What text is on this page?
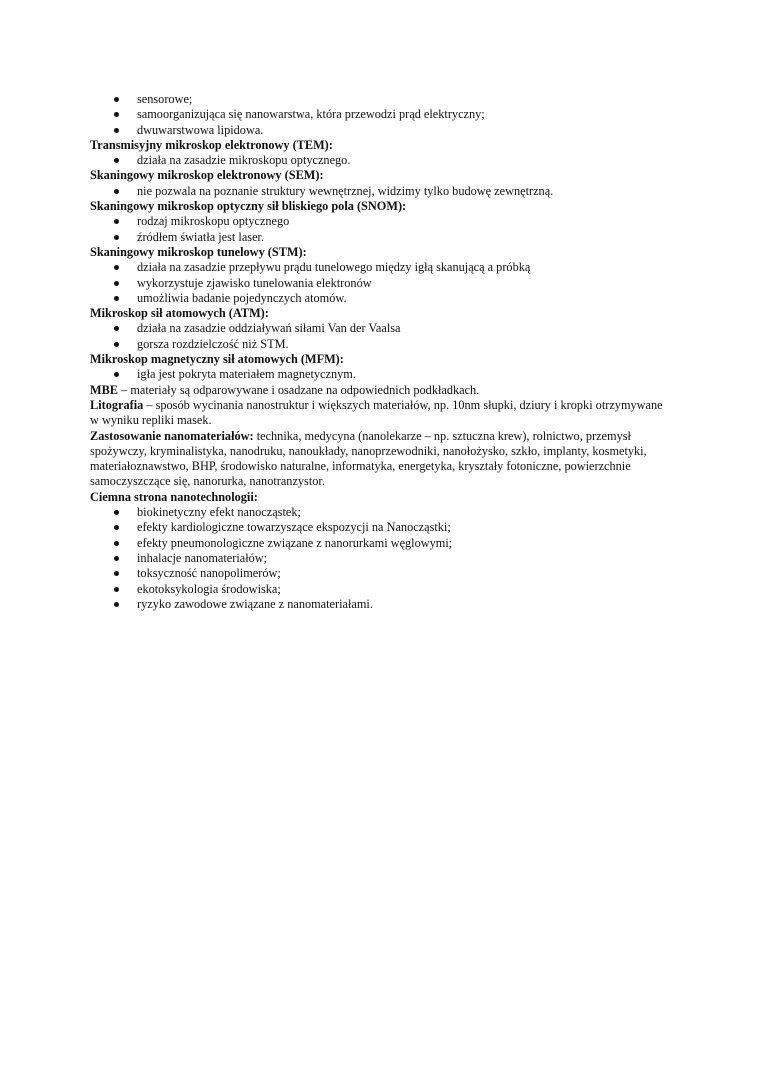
sensorowe;
samoorganizująca się nanowarstwa, która przewodzi prąd elektryczny;
dwuwarstwowa lipidowa.
Transmisyjny mikroskop elektronowy (TEM):
działa na zasadzie mikroskopu optycznego.
Skaningowy mikroskop elektronowy (SEM):
nie pozwala na poznanie struktury wewnętrznej, widzimy tylko budowę zewnętrzną.
Skaningowy mikroskop optyczny sił bliskiego pola (SNOM):
rodzaj mikroskopu optycznego
źródłem światła jest laser.
Skaningowy mikroskop tunelowy (STM):
działa na zasadzie przepływu prądu tunelowego między igłą skanującą a próbką
wykorzystuje zjawisko tunelowania elektronów
umożliwia badanie pojedynczych atomów.
Mikroskop sił atomowych (ATM):
działa na zasadzie oddziaływań siłami Van der Vaalsa
gorsza rozdzielczość niż STM.
Mikroskop magnetyczny sił atomowych (MFM):
igła jest pokryta materiałem magnetycznym.
MBE – materiały są odparowywane i osadzane na odpowiednich podkładkach.
Litografia – sposób wycinania nanostruktur i większych materiałów, np. 10nm słupki, dziury i kropki otrzymywane w wyniku repliki masek.
Zastosowanie nanomateriałów: technika, medycyna (nanolekarze – np. sztuczna krew), rolnictwo, przemysł spożywczy, kryminalistyka, nanodruku, nanoukłady, nanoprzewodniki, nanołożysko, szkło, implanty, kosmetyki, materiałoznawstwo, BHP, środowisko naturalne, informatyka, energetyka, kryształy fotoniczne, powierzchnie samoczyszczące się, nanorurka, nanotranzystor.
Ciemna strona nanotechnologii:
biokinetyczny efekt nanocząstek;
efekty kardiologiczne towarzyszące ekspozycji na Nanocząstki;
efekty pneumonologiczne związane z nanorurkami węglowymi;
inhalacje nanomateriałów;
toksyczność nanopolimerów;
ekotoksykologia środowiska;
ryzyko zawodowe związane z nanomateriałami.
